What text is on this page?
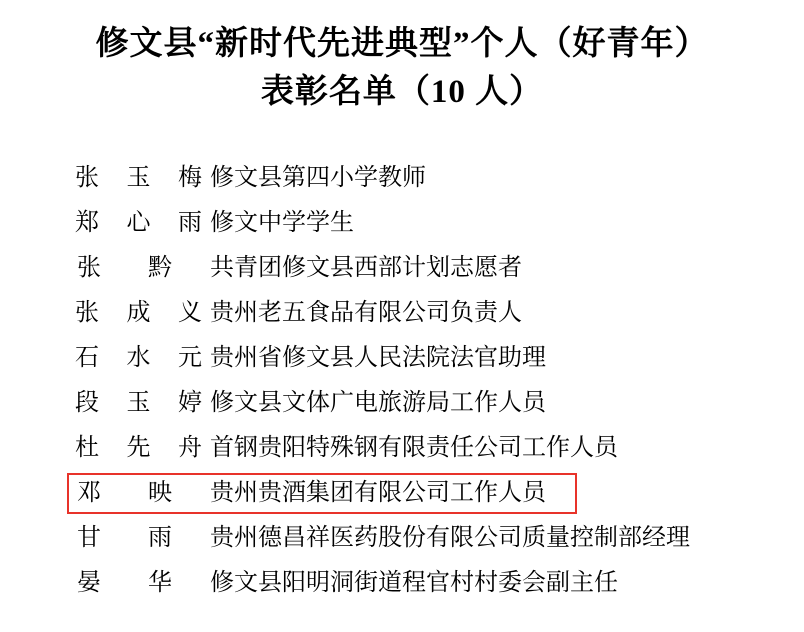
修文县“新时代先进典型”个人（好青年）
表彰名单（10 人）
张 玉 梅 修文县第四小学教师
郑 心 雨 修文中学学生
张 黔 共青团修文县西部计划志愿者
张 成 义 贵州老五食品有限公司负责人
石 水 元 贵州省修文县人民法院法官助理
段 玉 婷 修文县文体广电旅游局工作人员
杜 先 舟 首钢贵阳特殊钢有限责任公司工作人员
邓 映 贵州贵酒集团有限公司工作人员
甘 雨 贵州德昌祥医药股份有限公司质量控制部经理
晏 华 修文县阳明洞街道程官村村委会副主任
